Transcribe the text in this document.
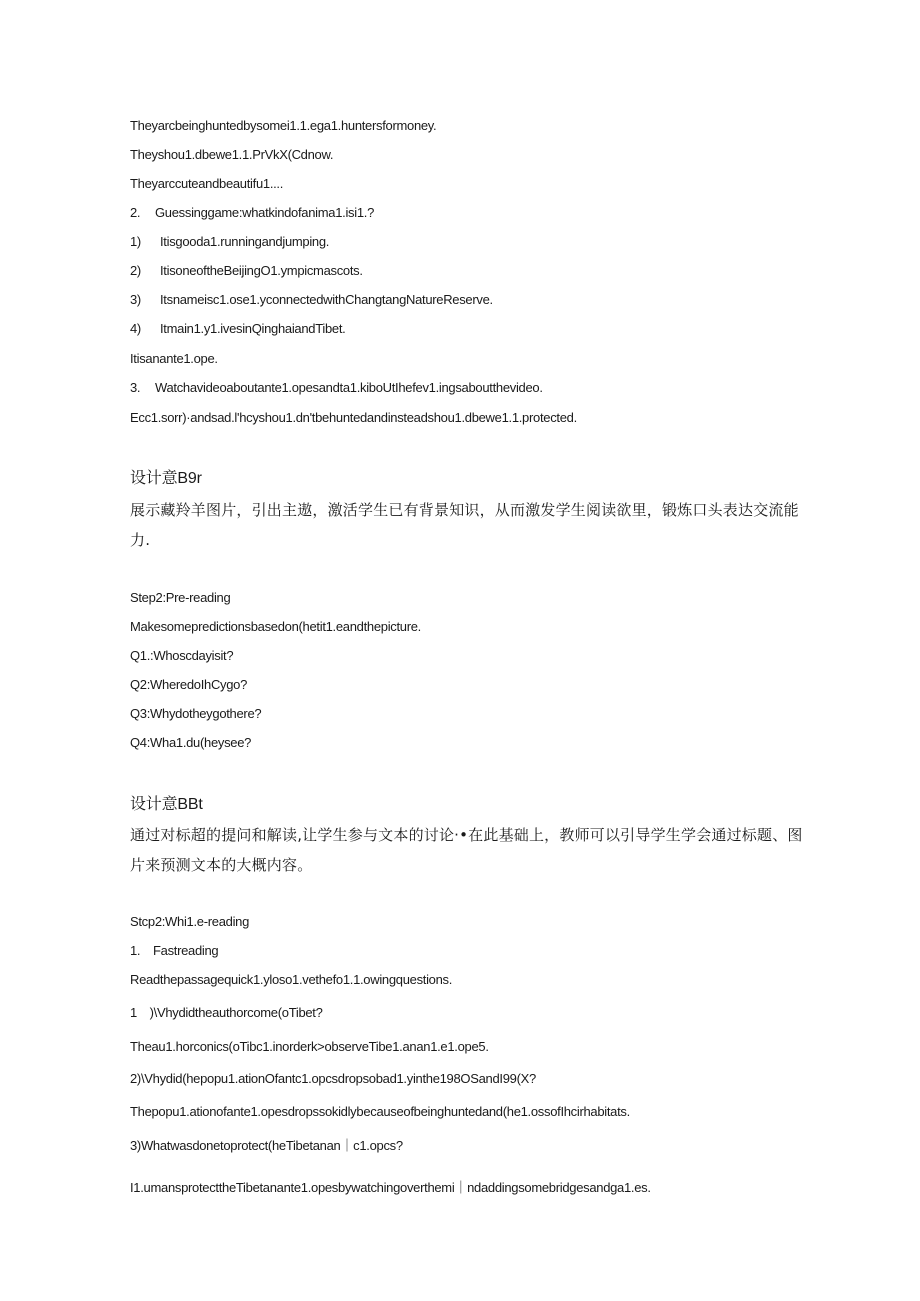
Theyarcbeinghuntedbysomei1.1.ega1.huntersformoney.
Theyshou1.dbewe1.1.PrVkX(Cdnow.
Theyarccuteandbeautifu1....
2. Guessinggame:whatkindofanima1.isi1.?
1) Itisgooda1.runningandjumping.
2) ItisoneoftheBeijingO1.ympicmascots.
3) Itsnameisc1.ose1.yconnectedwithChangtangNatureReserve.
4) Itmain1.y1.ivesinQinghaiandTibet.
Itisanante1.ope.
3. Watchavideoaboutante1.opesandta1.kiboUtIhefev1.ingsaboutthevideo.
Ecc1.sorr)·andsad.l'hcyshou1.dn'tbehuntedandinsteadshou1.dbewe1.1.protected.
设计意B9r
展示藏羚羊图片，引出主遨，激活学生已有背景知识，从而激发学生阅读欲里，锻炼口头表达交流能力.
Step2:Pre-reading
Makesomepredictionsbasedon(hetit1.eandthepicture.
Q1.:Whoscdayisit?
Q2:WheredoIhCygo?
Q3:Whydotheygothere?
Q4:Wha1.du(heysee?
设计意BBt
通过对标超的提问和解读,让学生参与文本的讨论·•在此基础上，教师可以引导学生学会通过标题、图片来预测文本的大概内容。
Stcp2:Whi1.e-reading
1. Fastreading
Readthepassagequick1.ylosо1.vethefo1.1.owingquestions.
1　)\Vhydidtheauthorcome(oTibet?
Theau1.horconics(oTibc1.inorderk>observeTibe1.anan1.e1.ope5.
2)\Vhydid(hepopu1.ationOfantc1.opcsdropsobad1.yinthe198OSandI99(X?
Thepopu1.ationofante1.opesdropssokidlybecauseofbeinghuntedand(he1.ossofIhcirhabitats.
3)Whatwasdonetoprotect(heTibetanan｜c1.opcs?
I1.umansprotecttheTibetanante1.opesbywatchingoverthemi｜ndaddingsomebridgesandga1.es.
